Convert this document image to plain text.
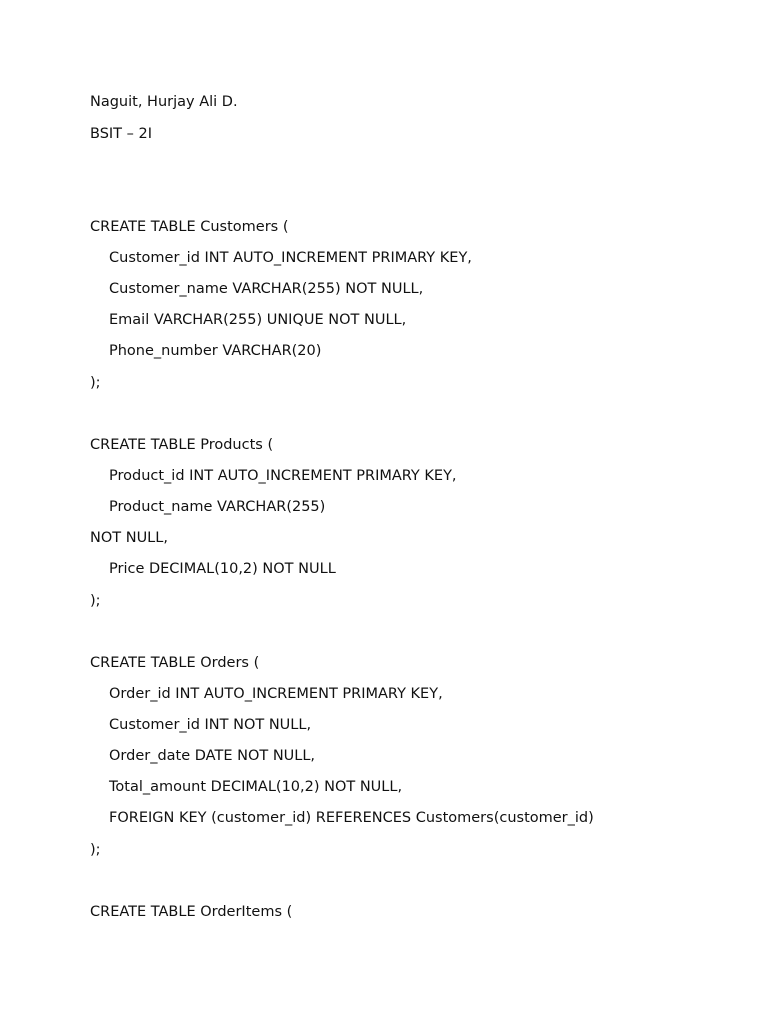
Naguit, Hurjay Ali D.
BSIT – 2I
CREATE TABLE Customers (
Customer_id INT AUTO_INCREMENT PRIMARY KEY,
Customer_name VARCHAR(255) NOT NULL,
Email VARCHAR(255) UNIQUE NOT NULL,
Phone_number VARCHAR(20)
);
CREATE TABLE Products (
Product_id INT AUTO_INCREMENT PRIMARY KEY,
Product_name VARCHAR(255)
NOT NULL,
Price DECIMAL(10,2) NOT NULL
);
CREATE TABLE Orders (
Order_id INT AUTO_INCREMENT PRIMARY KEY,
Customer_id INT NOT NULL,
Order_date DATE NOT NULL,
Total_amount DECIMAL(10,2) NOT NULL,
FOREIGN KEY (customer_id) REFERENCES Customers(customer_id)
);
CREATE TABLE OrderItems (
